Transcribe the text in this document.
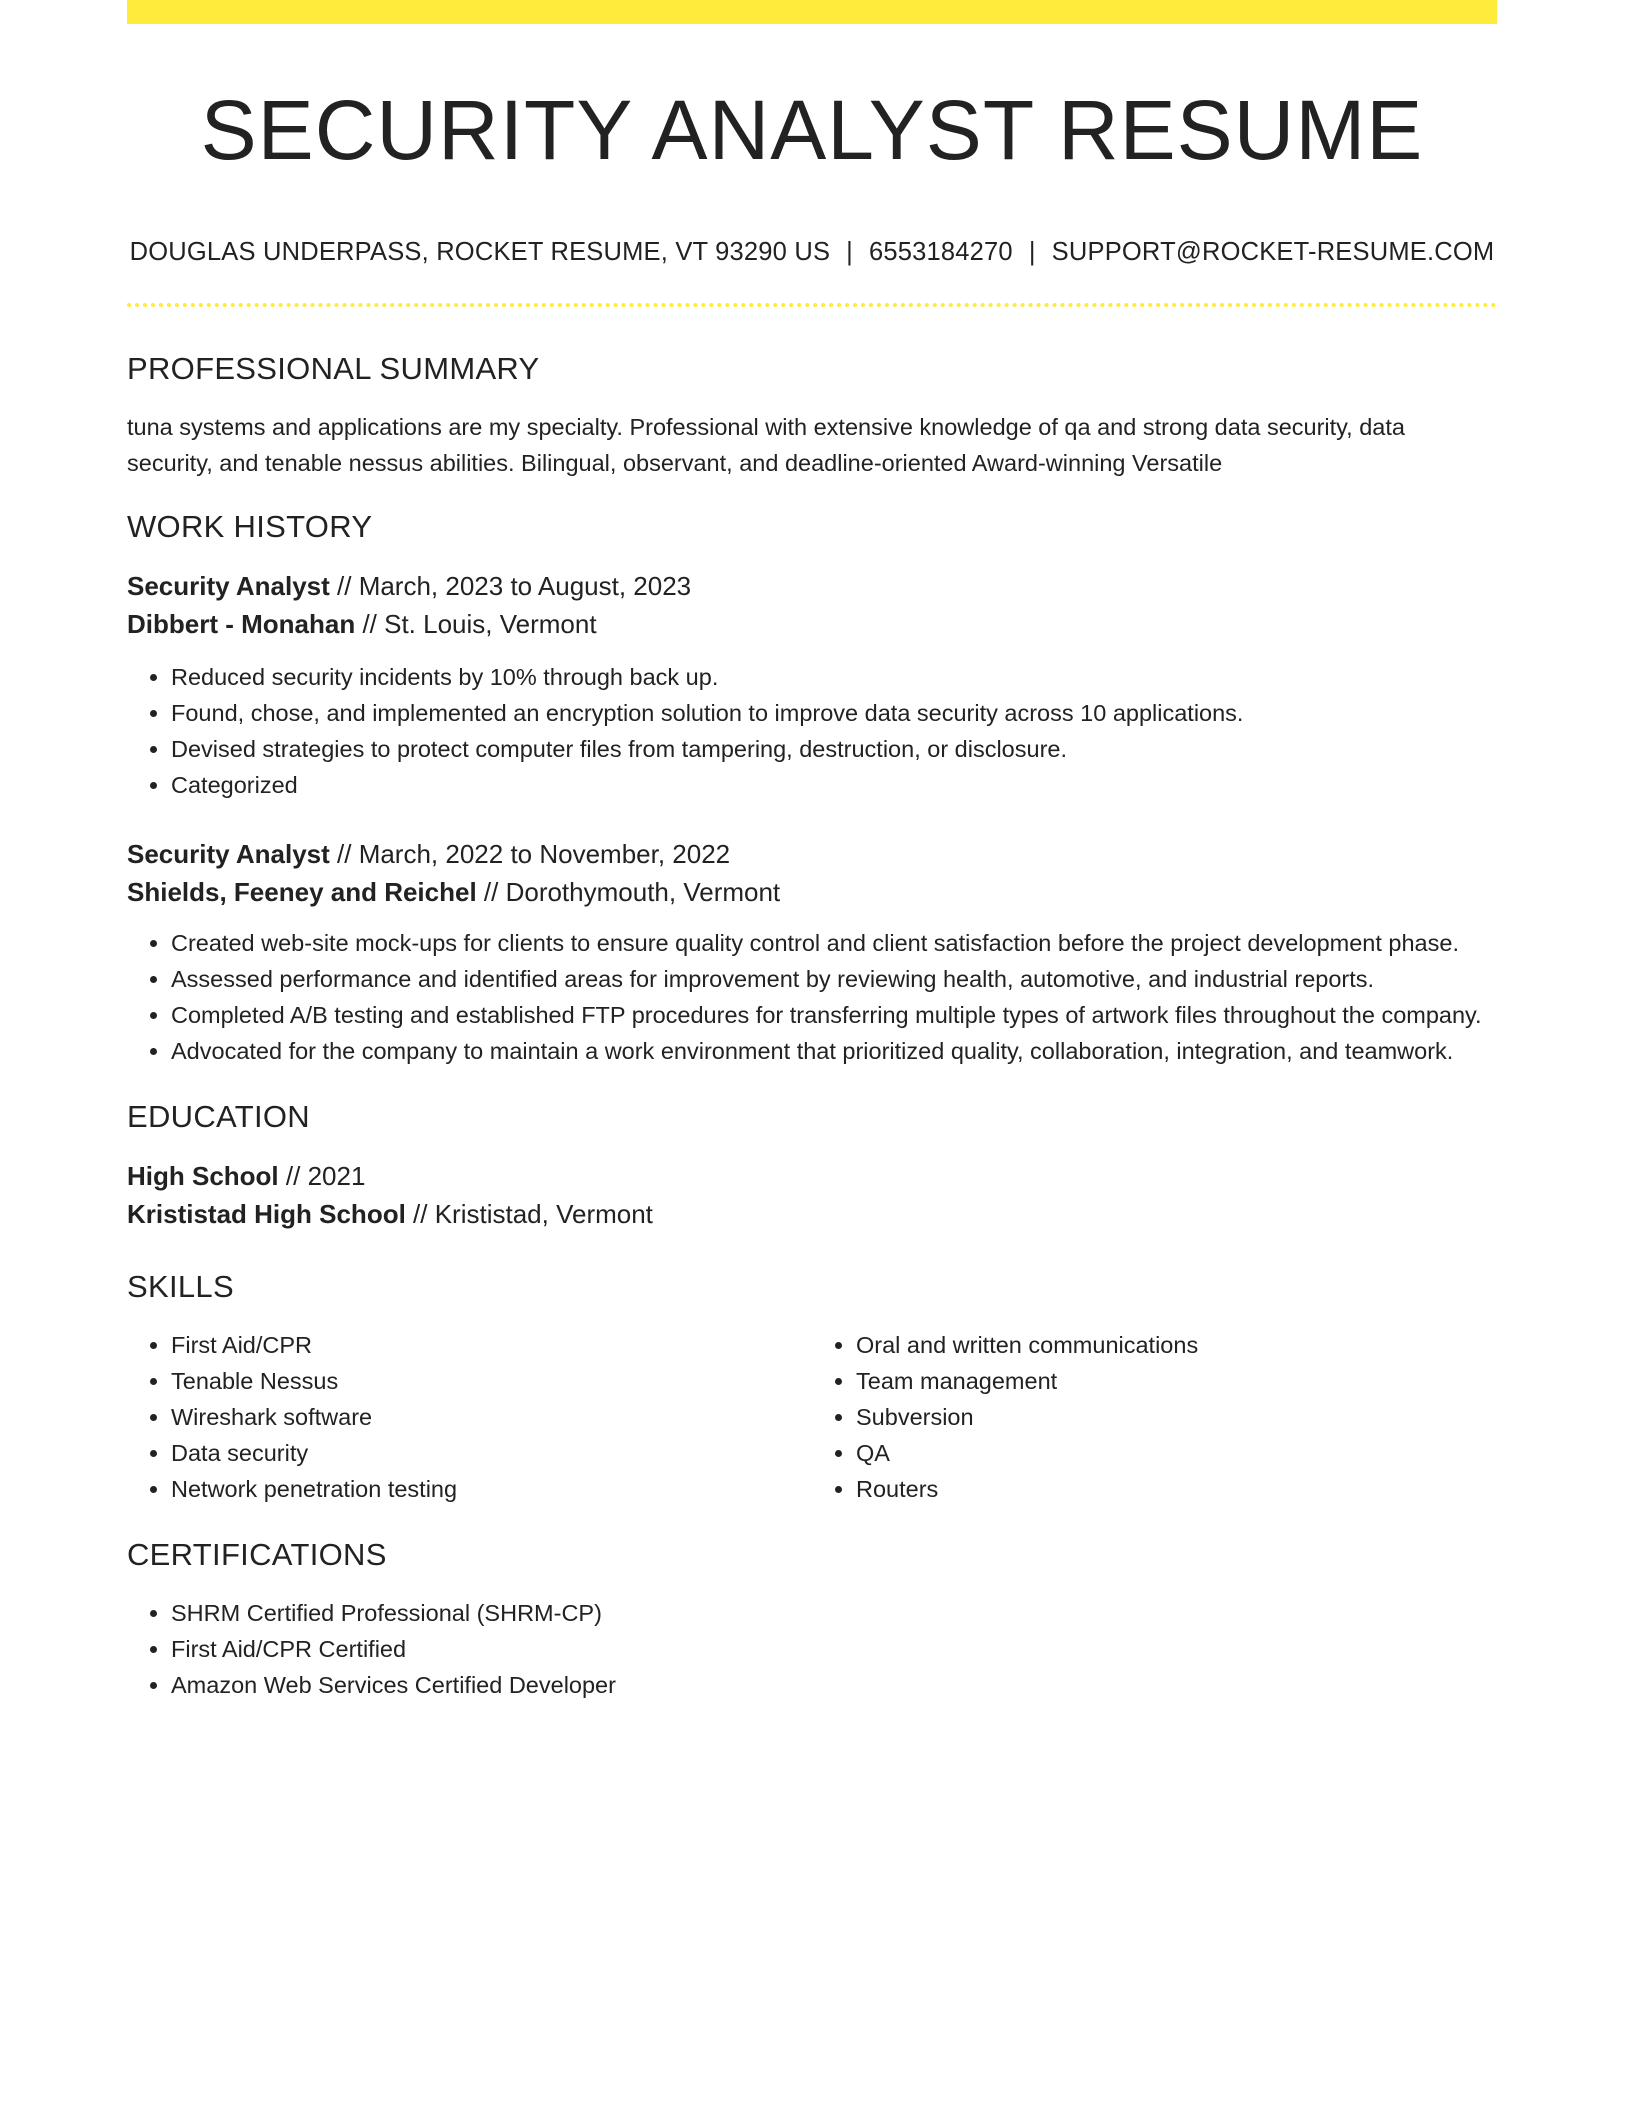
SECURITY ANALYST RESUME
DOUGLAS UNDERPASS, ROCKET RESUME, VT 93290 US | 6553184270 | SUPPORT@ROCKET-RESUME.COM
PROFESSIONAL SUMMARY

tuna systems and applications are my specialty. Professional with extensive knowledge of qa and strong data security, data

security, and tenable nessus abilities. Bilingual, observant, and deadline-oriented Award-winning Versatile

WORK HISTORY

Security Analyst // March, 2023 to August, 2023

Dibbert - Monahan // St. Louis, Vermont

• Reduced security incidents by 10% through back up.
• Found, chose, and implemented an encryption solution to improve data security across 10 applications.
• Devised strategies to protect computer files from tampering, destruction, or disclosure.
• Categorized

Security Analyst // March, 2022 to November, 2022

Shields, Feeney and Reichel // Dorothymouth, Vermont

• Created web-site mock-ups for clients to ensure quality control and client satisfaction before the project development phase.
• Assessed performance and identified areas for improvement by reviewing health, automotive, and industrial reports.
• Completed A/B testing and established FTP procedures for transferring multiple types of artwork files throughout the company.
• Advocated for the company to maintain a work environment that prioritized quality, collaboration, integration, and teamwork.
EDUCATION

High School // 2021

Krististad High School // Krististad, Vermont

SKILLS
• First Aid/CPR
• Tenable Nessus
• Wireshark software
• Data security
• Network penetration testing
• Oral and written communications
• Team management
• Subversion
• QA
• Routers
CERTIFICATIONS
• SHRM Certified Professional (SHRM-CP)
• First Aid/CPR Certified
• Amazon Web Services Certified Developer
